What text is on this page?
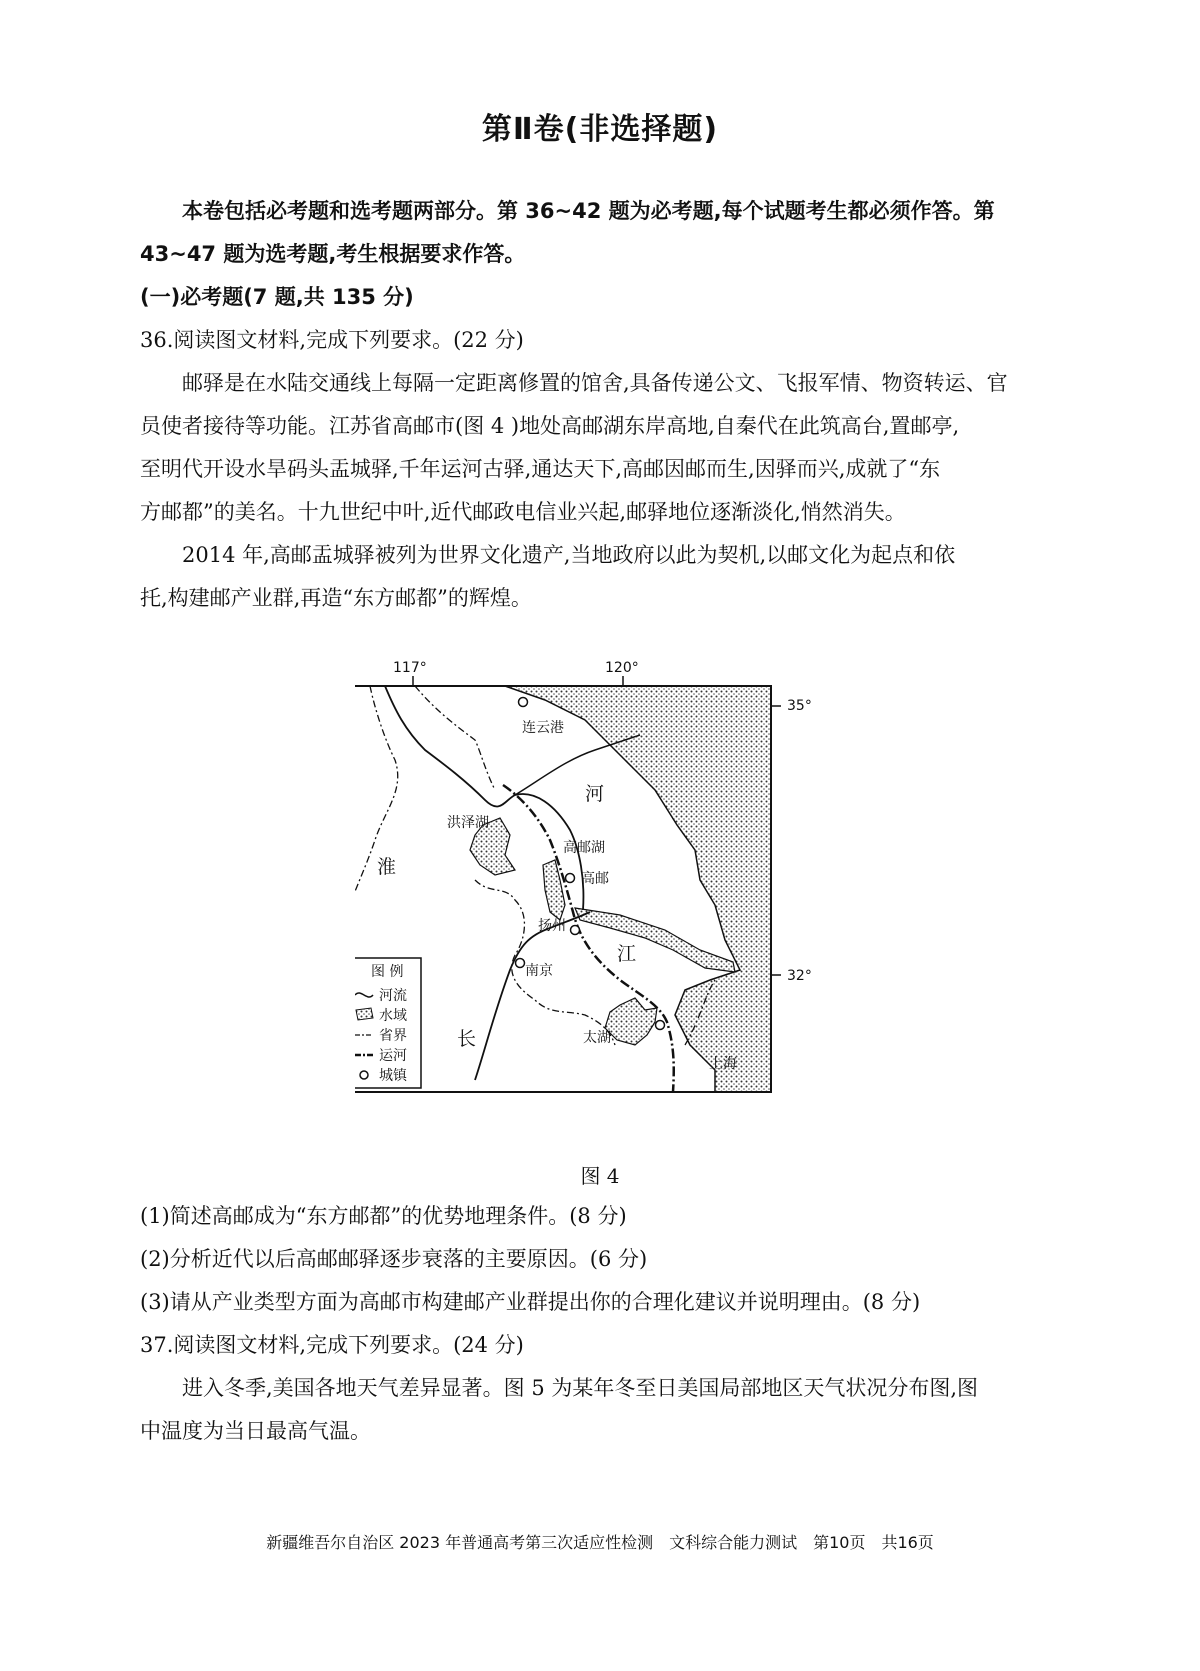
第Ⅱ卷(非选择题)

本卷包括必考题和选考题两部分。第 36~42 题为必考题,每个试题考生都必须作答。第

43~47 题为选考题,考生根据要求作答。

(一)必考题(7 题,共 135 分)

36.阅读图文材料,完成下列要求。(22 分)

邮驿是在水陆交通线上每隔一定距离修置的馆舍,具备传递公文、飞报军情、物资转运、官

员使者接待等功能。江苏省高邮市(图 4 )地处高邮湖东岸高地,自秦代在此筑高台,置邮亭,

至明代开设水旱码头盂城驿,千年运河古驿,通达天下,高邮因邮而生,因驿而兴,成就了“东

方邮都”的美名。十九世纪中叶,近代邮政电信业兴起,邮驿地位逐渐淡化,悄然消失。

2014 年,高邮盂城驿被列为世界文化遗产,当地政府以此为契机,以邮文化为起点和依

托,构建邮产业群,再造“东方邮都”的辉煌。

117°	120°
35°
32°
连云港
洪泽湖
高邮湖
高邮
扬州
南京
太湖
上海
河
淮
江
长
图 例
河流
水域
省界
运河
城镇
图 4

(1)简述高邮成为“东方邮都”的优势地理条件。(8 分)

(2)分析近代以后高邮邮驿逐步衰落的主要原因。(6 分)

(3)请从产业类型方面为高邮市构建邮产业群提出你的合理化建议并说明理由。(8 分)

37.阅读图文材料,完成下列要求。(24 分)

进入冬季,美国各地天气差异显著。图 5 为某年冬至日美国局部地区天气状况分布图,图

中温度为当日最高气温。

新疆维吾尔自治区 2023 年普通高考第三次适应性检测　文科综合能力测试　第10页　共16页
